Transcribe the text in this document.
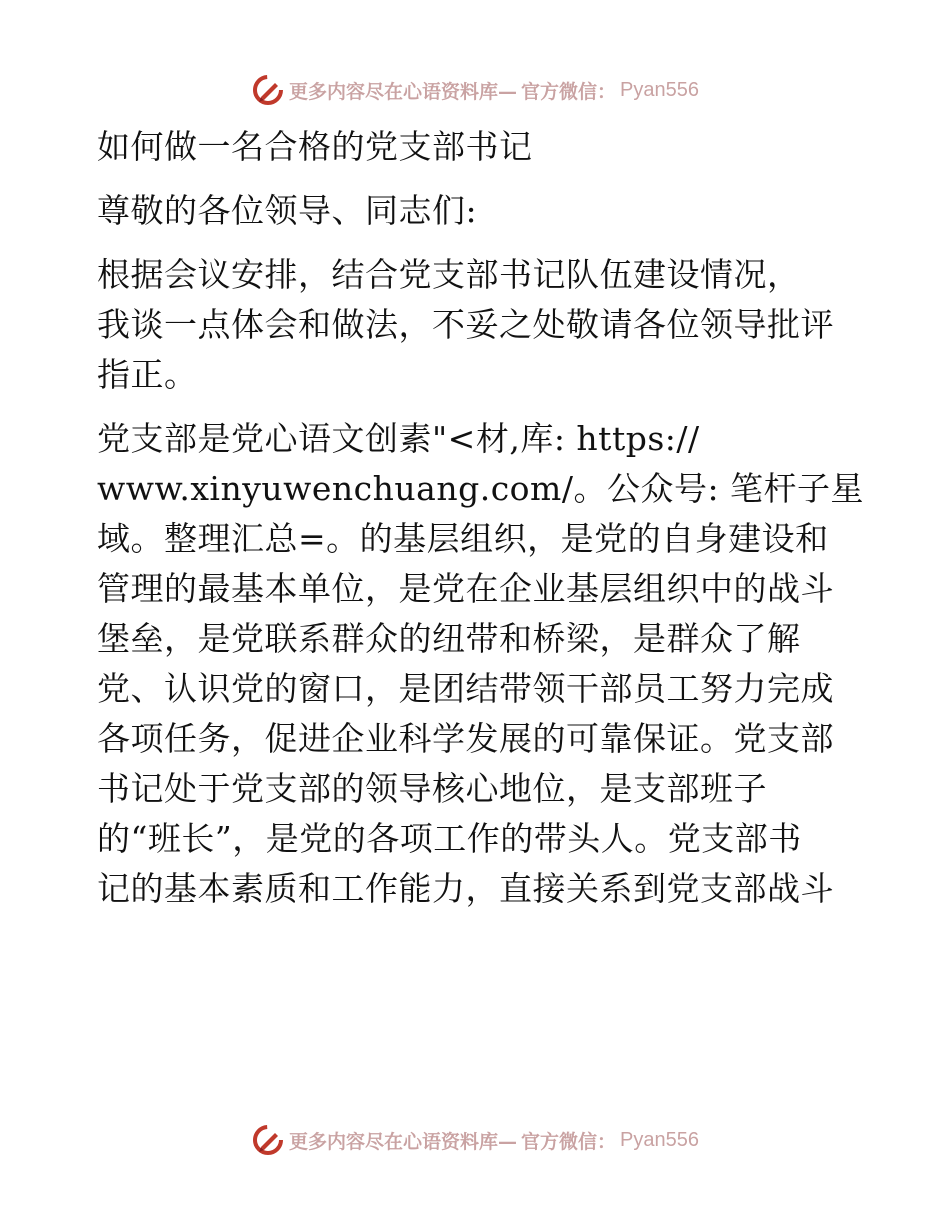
更多内容尽在心语资料库— 官方微信： Pyan556

如何做一名合格的党支部书记

尊敬的各位领导、同志们:

根据会议安排，结合党支部书记队伍建设情况，

我谈一点体会和做法，不妥之处敬请各位领导批评

指正。

党支部是党心语文创素"<材,库: https://

www.xinyuwenchuang.com/。公众号: 笔杆子星

域。整理汇总=。的基层组织，是党的自身建设和

管理的最基本单位，是党在企业基层组织中的战斗

堡垒，是党联系群众的纽带和桥梁，是群众了解

党、认识党的窗口，是团结带领干部员工努力完成

各项任务，促进企业科学发展的可靠保证。党支部

书记处于党支部的领导核心地位，是支部班子

的“班长”，是党的各项工作的带头人。党支部书

记的基本素质和工作能力，直接关系到党支部战斗

更多内容尽在心语资料库— 官方微信： Pyan556
